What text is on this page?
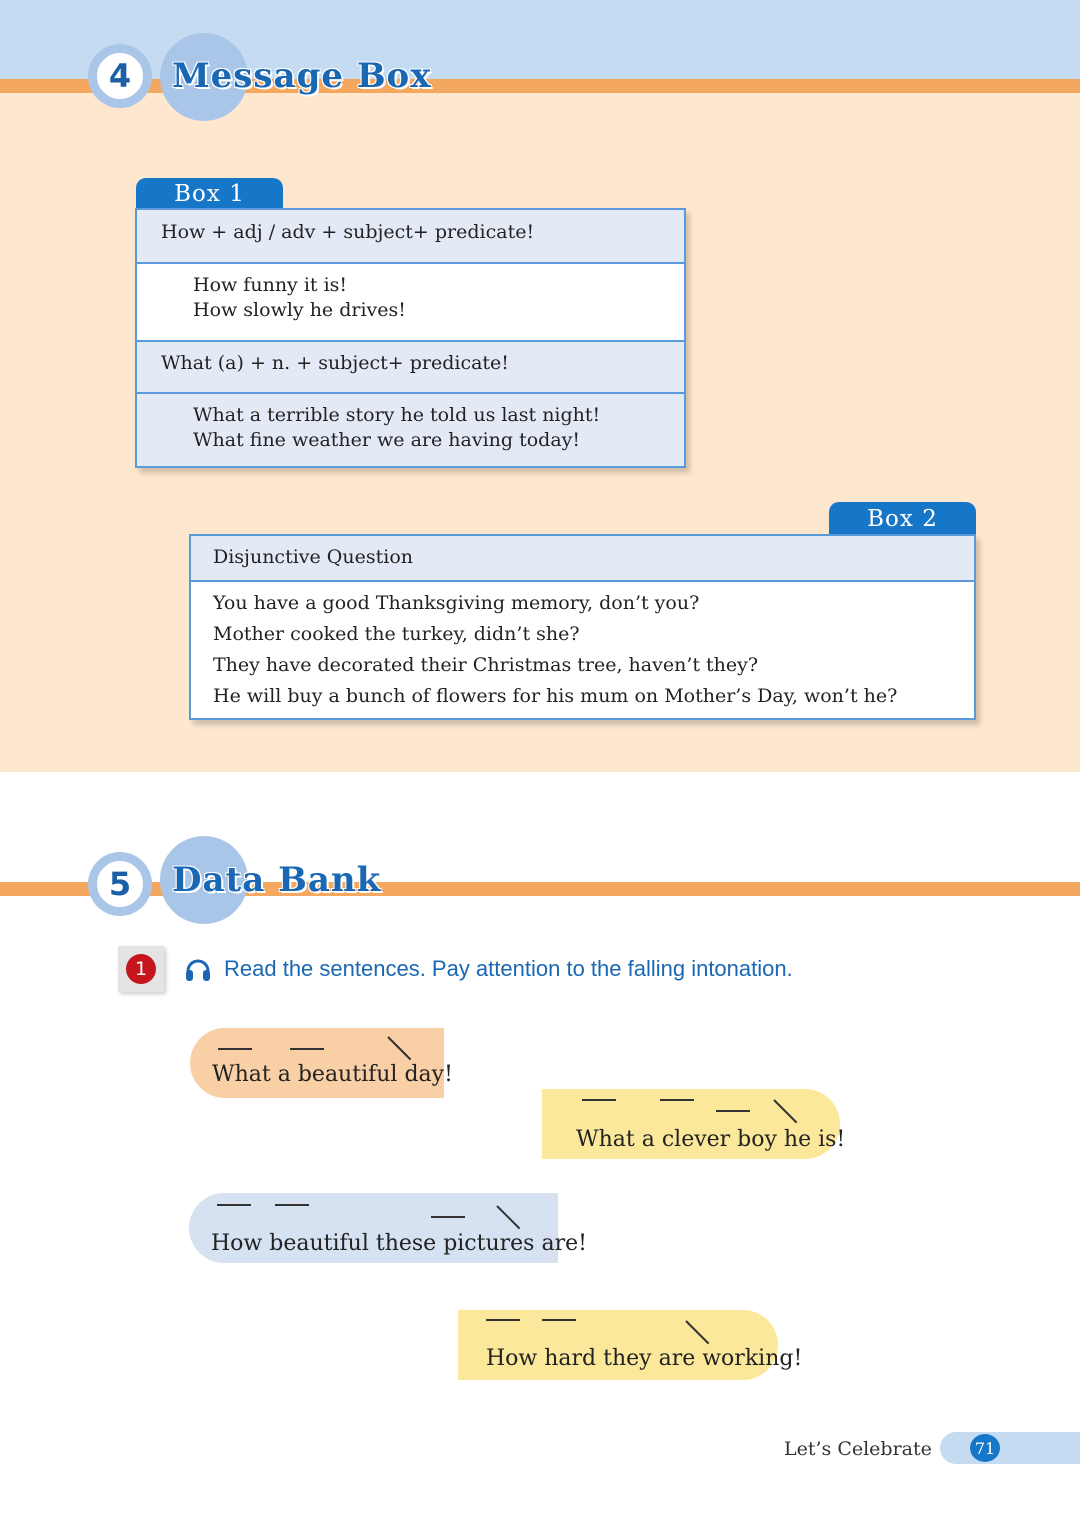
4	Message Box
Box 1
How + adj / adv + subject+ predicate!
How funny it is!
How slowly he drives!
What (a) + n. + subject+ predicate!
What a terrible story he told us last night!
What fine weather we are having today!
Box 2
Disjunctive Question
You have a good Thanksgiving memory, don’t you?
Mother cooked the turkey, didn’t she?
They have decorated their Christmas tree, haven’t they?
He will buy a bunch of flowers for his mum on Mother’s Day, won’t he?
5	Data Bank
1	Read the sentences. Pay attention to the falling intonation.
What a beautiful day!
What a clever boy he is!
How beautiful these pictures are!
How hard they are working!
Let’s Celebrate	71
